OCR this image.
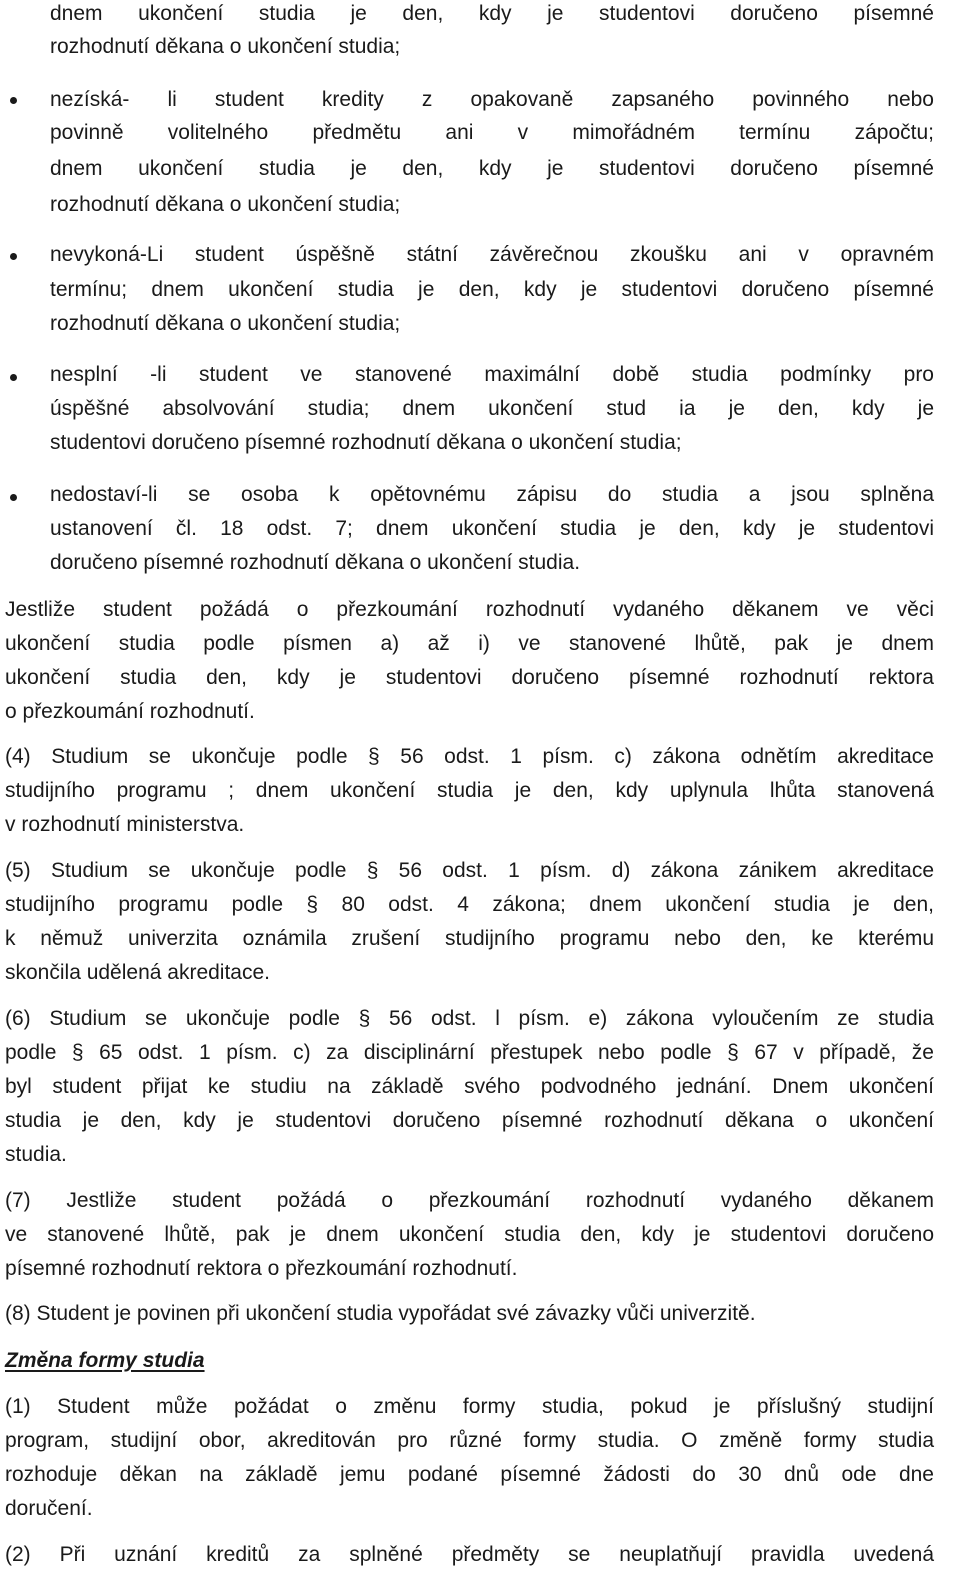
dnem ukončení studia je den, kdy je studentovi doručeno písemné
rozhodnutí děkana o ukončení studia;
nezíská- li student kredity z opakovaně zapsaného povinného nebo
povinně volitelného předmětu ani v mimořádném termínu zápočtu;
dnem ukončení studia je den, kdy je studentovi doručeno písemné
rozhodnutí děkana o ukončení studia;
nevykoná-Li student úspěšně státní závěrečnou zkoušku ani v opravném
termínu; dnem ukončení studia je den, kdy je studentovi doručeno písemné
rozhodnutí děkana o ukončení studia;
nesplní -li student ve stanovené maximální době studia podmínky pro
úspěšné absolvování studia; dnem ukončení stud ia je den, kdy je
studentovi doručeno písemné rozhodnutí děkana o ukončení studia;
nedostaví-li se osoba k opětovnému zápisu do studia a jsou splněna
ustanovení čl. 18 odst. 7; dnem ukončení studia je den, kdy je studentovi
doručeno písemné rozhodnutí děkana o ukončení studia.
Jestliže student požádá o přezkoumání rozhodnutí vydaného děkanem ve věci
ukončení studia podle písmen a) až i) ve stanovené lhůtě, pak je dnem
ukončení studia den, kdy je studentovi doručeno písemné rozhodnutí rektora
o přezkoumání rozhodnutí.
(4) Studium se ukončuje podle § 56 odst. 1 písm. c) zákona odnětím akreditace
studijního programu ; dnem ukončení studia je den, kdy uplynula lhůta stanovená
v rozhodnutí ministerstva.
(5) Studium se ukončuje podle § 56 odst. 1 písm. d) zákona zánikem akreditace
studijního programu podle § 80 odst. 4 zákona; dnem ukončení studia je den,
k němuž univerzita oznámila zrušení studijního programu nebo den, ke kterému
skončila udělená akreditace.
(6) Studium se ukončuje podle § 56 odst. l písm. e) zákona vyloučením ze studia
podle § 65 odst. 1 písm. c) za disciplinární přestupek nebo podle § 67 v případě, že
byl student přijat ke studiu na základě svého podvodného jednání. Dnem ukončení
studia je den, kdy je studentovi doručeno písemné rozhodnutí děkana o ukončení
studia.
(7) Jestliže student požádá o přezkoumání rozhodnutí vydaného děkanem
ve stanovené lhůtě, pak je dnem ukončení studia den, kdy je studentovi doručeno
písemné rozhodnutí rektora o přezkoumání rozhodnutí.
(8) Student je povinen při ukončení studia vypořádat své závazky vůči univerzitě.
Změna formy studia
(1) Student může požádat o změnu formy studia, pokud je příslušný studijní
program, studijní obor, akreditován pro různé formy studia. O změně formy studia
rozhoduje děkan na základě jemu podané písemné žádosti do 30 dnů ode dne
doručení.
(2) Při uznání kreditů za splněné předměty se neuplatňují pravidla uvedená
